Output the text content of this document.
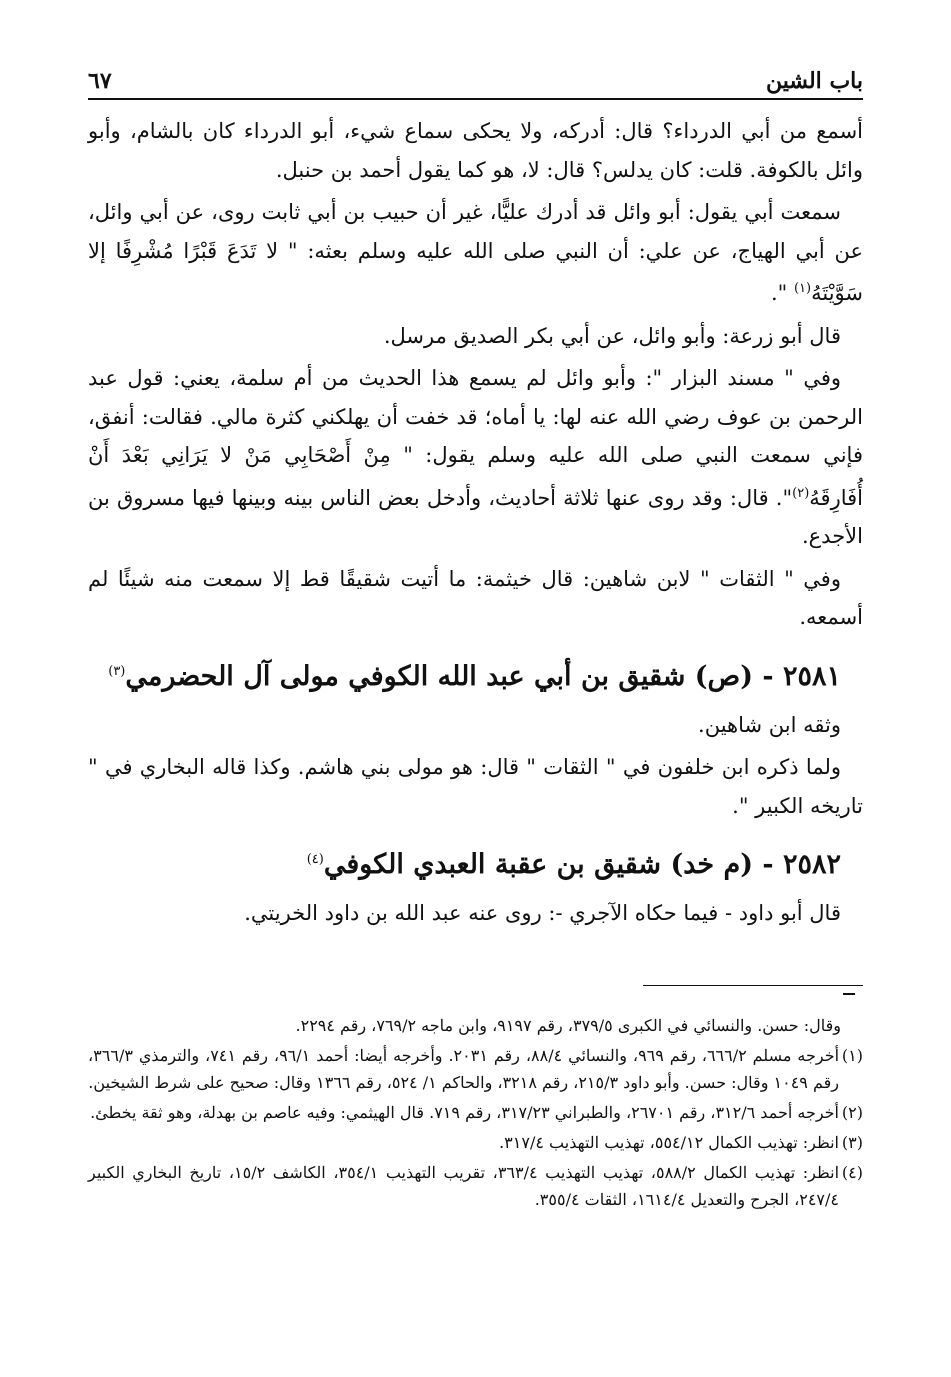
باب الشين
٦٧

أسمع من أبي الدرداء؟ قال: أدركه، ولا يحكى سماع شيء، أبو الدرداء كان بالشام، وأبو وائل بالكوفة. قلت: كان يدلس؟ قال: لا، هو كما يقول أحمد بن حنبل.

سمعت أبي يقول: أبو وائل قد أدرك عليًّا، غير أن حبيب بن أبي ثابت روى، عن أبي وائل، عن أبي الهياج، عن علي: أن النبي صلى الله عليه وسلم بعثه: " لا تَدَعَ قَبْرًا مُشْرِفًا إلا سَوَّيْتَهُ$^{(١)}$ ".

قال أبو زرعة: وأبو وائل، عن أبي بكر الصديق مرسل.

وفي " مسند البزار ": وأبو وائل لم يسمع هذا الحديث من أم سلمة، يعني: قول عبد الرحمن بن عوف رضي الله عنه لها: يا أماه؛ قد خفت أن يهلكني كثرة مالي. فقالت: أنفق، فإني سمعت النبي صلى الله عليه وسلم يقول: " مِنْ أَصْحَابِي مَنْ لا يَرَانِي بَعْدَ أَنْ أُفَارِقَهُ$^{(٢)}$". قال: وقد روى عنها ثلاثة أحاديث، وأدخل بعض الناس بينه وبينها فيها مسروق بن الأجدع.

وفي " الثقات " لابن شاهين: قال خيثمة: ما أتيت شقيقًا قط إلا سمعت منه شيئًا لم أسمعه.

٢٥٨١ - (ص) شقيق بن أبي عبد الله الكوفي مولى آل الحضرمي$^{(٣)}$

وثقه ابن شاهين.

ولما ذكره ابن خلفون في " الثقات " قال: هو مولى بني هاشم. وكذا قاله البخاري في " تاريخه الكبير ".

٢٥٨٢ - (م خد) شقيق بن عقبة العبدي الكوفي$^{(٤)}$

قال أبو داود - فيما حكاه الآجري -: روى عنه عبد الله بن داود الخريتي.

وقال: حسن. والنسائي في الكبرى ٣٧٩/٥، رقم ٩١٩٧، وابن ماجه ٧٦٩/٢، رقم ٢٢٩٤.

(١)
أخرجه مسلم ٦٦٦/٢، رقم ٩٦٩، والنسائي ٨٨/٤، رقم ٢٠٣١. وأخرجه أيضا: أحمد ٩٦/١، رقم ٧٤١، والترمذي ٣٦٦/٣، رقم ١٠٤٩ وقال: حسن. وأبو داود ٢١٥/٣، رقم ٣٢١٨، والحاكم ١/ ٥٢٤، رقم ١٣٦٦ وقال: صحيح على شرط الشيخين.
(٢)
أخرجه أحمد ٣١٢/٦، رقم ٢٦٧٠١، والطبراني ٣١٧/٢٣، رقم ٧١٩. قال الهيثمي: وفيه عاصم بن بهدلة، وهو ثقة يخطئ.
(٣)
انظر: تهذيب الكمال ٥٥٤/١٢، تهذيب التهذيب ٣١٧/٤.
(٤)
انظر: تهذيب الكمال ٥٨٨/٢، تهذيب التهذيب ٣٦٣/٤، تقريب التهذيب ٣٥٤/١، الكاشف ١٥/٢، تاريخ البخاري الكبير ٢٤٧/٤، الجرح والتعديل ١٦١٤/٤، الثقات ٣٥٥/٤.
